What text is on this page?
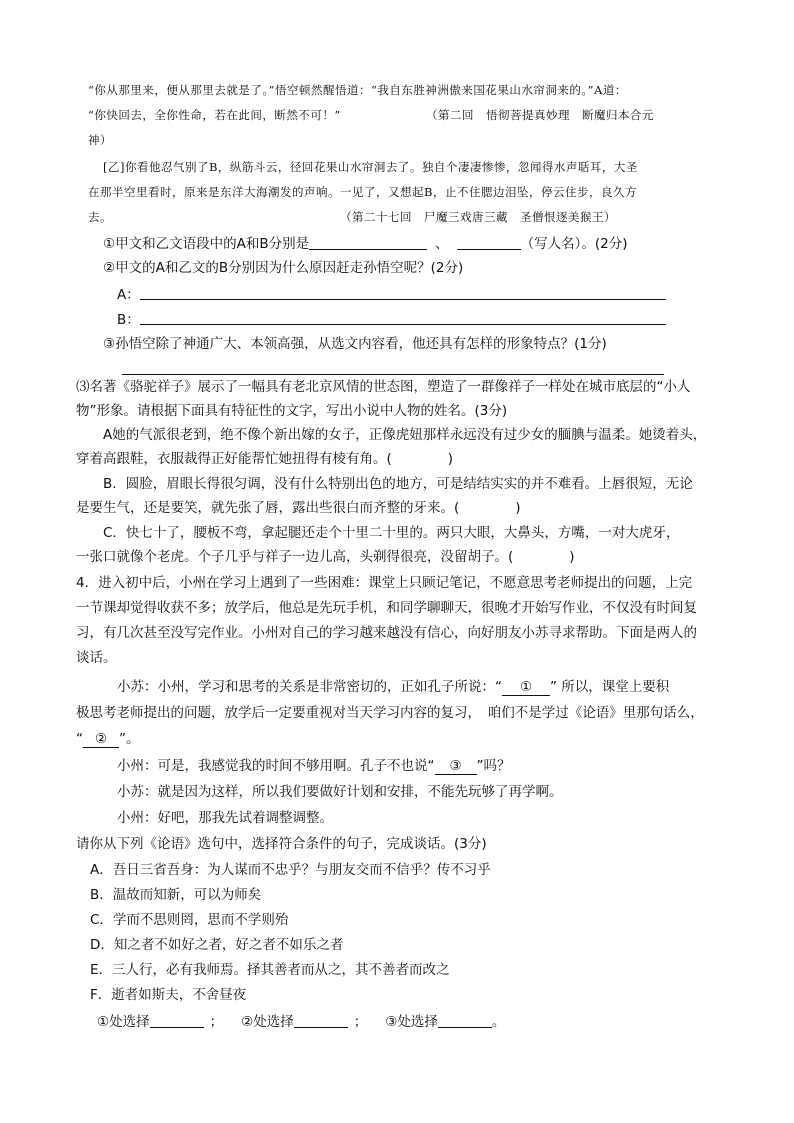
“你从那里来，便从那里去就是了。”悟空顿然醒悟道：“我自东胜神洲傲来国花果山水帘洞来的。”A道：
“你快回去，全你性命，若在此间，断然不可！”	（第二回　悟彻菩提真妙理　断魔归本合元
神）
[乙]你看他忍气别了B，纵筋斗云，径回花果山水帘洞去了。独自个凄凄惨惨，忽闻得水声聒耳，大圣
在那半空里看时，原来是东洋大海潮发的声响。一见了，又想起B，止不住腮边泪坠，停云住步，良久方
去。	（第二十七回　尸魔三戏唐三藏　圣僧恨逐美猴王）
①甲文和乙文语段中的A和B分别是	、	（写人名）。(2分)
②甲文的A和乙文的B分别因为什么原因赶走孙悟空呢？(2分)
A：
B：
③孙悟空除了神通广大、本领高强，从选文内容看，他还具有怎样的形象特点？(1分)
⑶名著《骆驼祥子》展示了一幅具有老北京风情的世态图，塑造了一群像祥子一样处在城市底层的“小人
物”形象。请根据下面具有特征性的文字，写出小说中人物的姓名。(3分)
A她的气派很老到，绝不像个新出嫁的女子，正像虎妞那样永远没有过少女的腼腆与温柔。她烫着头，
穿着高跟鞋，衣服裁得正好能帮忙她扭得有棱有角。(	)
B．圆脸，眉眼长得很匀调，没有什么特别出色的地方，可是结结实实的并不难看。上唇很短，无论
是要生气，还是要笑，就先张了唇，露出些很白而齐整的牙来。(	)
C．快七十了，腰板不弯，拿起腿还走个十里二十里的。两只大眼，大鼻头，方嘴，一对大虎牙，
一张口就像个老虎。个子几乎与祥子一边儿高，头剃得很亮，没留胡子。(	)
4．进入初中后，小州在学习上遇到了一些困难：课堂上只顾记笔记，不愿意思考老师提出的问题，上完
一节课却觉得收获不多；放学后，他总是先玩手机，和同学聊聊天，很晚才开始写作业，不仅没有时间复
习，有几次甚至没写完作业。小州对自己的学习越来越没有信心，向好朋友小苏寻求帮助。下面是两人的
谈话。
小苏：小州，学习和思考的关系是非常密切的，正如孔子所说：“ ① ” 所以，课堂上要积
极思考老师提出的问题，放学后一定要重视对当天学习内容的复习，　咱们不是学过《论语》里那句话么，
“ ② ”。
小州：可是，我感觉我的时间不够用啊。孔子不也说“ ③ ”吗？
小苏：就是因为这样，所以我们要做好计划和安排，不能先玩够了再学啊。
小州：好吧，那我先试着调整调整。
请你从下列《论语》选句中，选择符合条件的句子，完成谈话。(3分)
A．吾日三省吾身：为人谋而不忠乎？与朋友交而不信乎？传不习乎
B．温故而知新，可以为师矣
C．学而不思则罔，思而不学则殆
D．知之者不如好之者，好之者不如乐之者
E．三人行，必有我师焉。择其善者而从之，其不善者而改之
F．逝者如斯夫，不舍昼夜
①处选择	； ②处选择	； ③处选择	。
